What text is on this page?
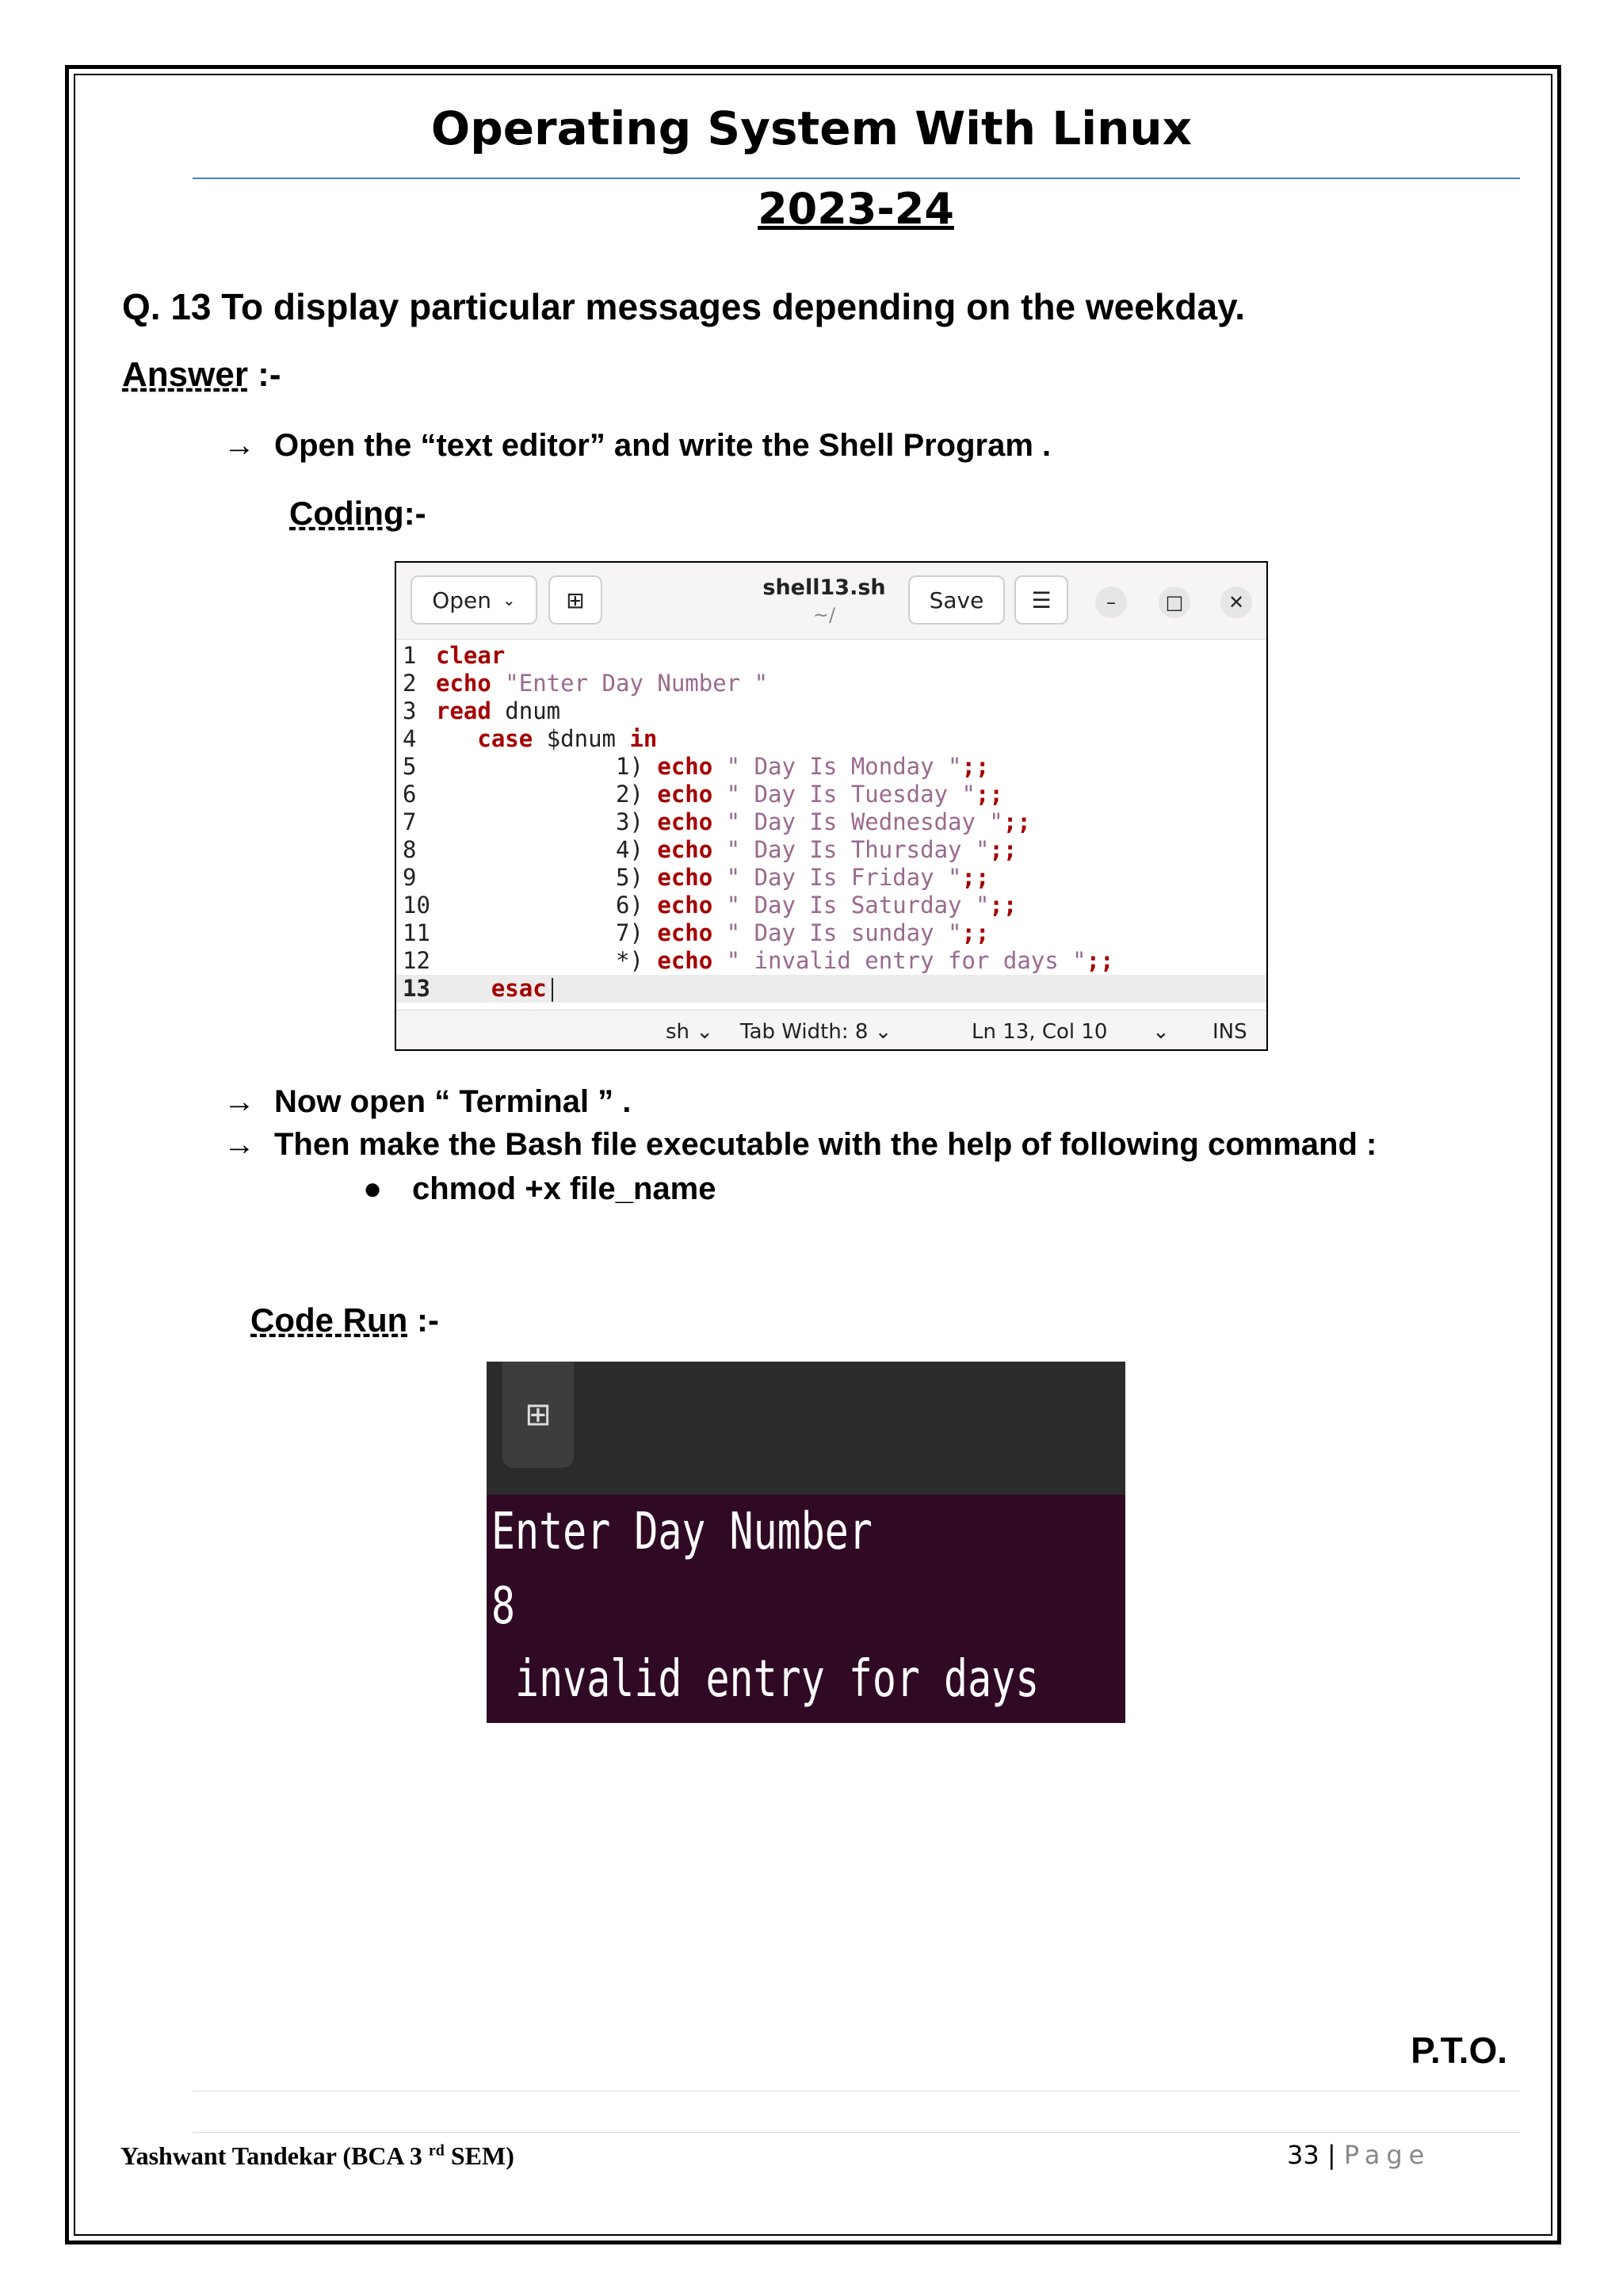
Operating System With Linux
2023-24
Q. 13 To display particular messages depending on the weekday.
Answer :-
→ Open the “text editor” and write the Shell Program .
Coding:-
Open ⌄ ⊞	shell13.sh
~/
Save	☰	–	□ ✕
1 clear
2 echo "Enter Day Number "
3 read dnum
4	case $dnum in
5	1) echo " Day Is Monday ";;
6	2) echo " Day Is Tuesday ";;
7	3) echo " Day Is Wednesday ";;
8	4) echo " Day Is Thursday ";;
9	5) echo " Day Is Friday ";;
10	6) echo " Day Is Saturday ";;
11	7) echo " Day Is sunday ";;
12	*) echo " invalid entry for days ";;
13	esac
sh ⌄ Tab Width: 8 ⌄	Ln 13, Col 10 ⌄ INS
→ Now open “ Terminal ” .
→ Then make the Bash file executable with the help of following command :
● chmod +x file_name
Code Run :-
⊞
Enter Day Number
8
invalid entry for days
P.T.O.
Yashwant Tandekar (BCA 3 $^{rd}$ SEM)	33 | Page
